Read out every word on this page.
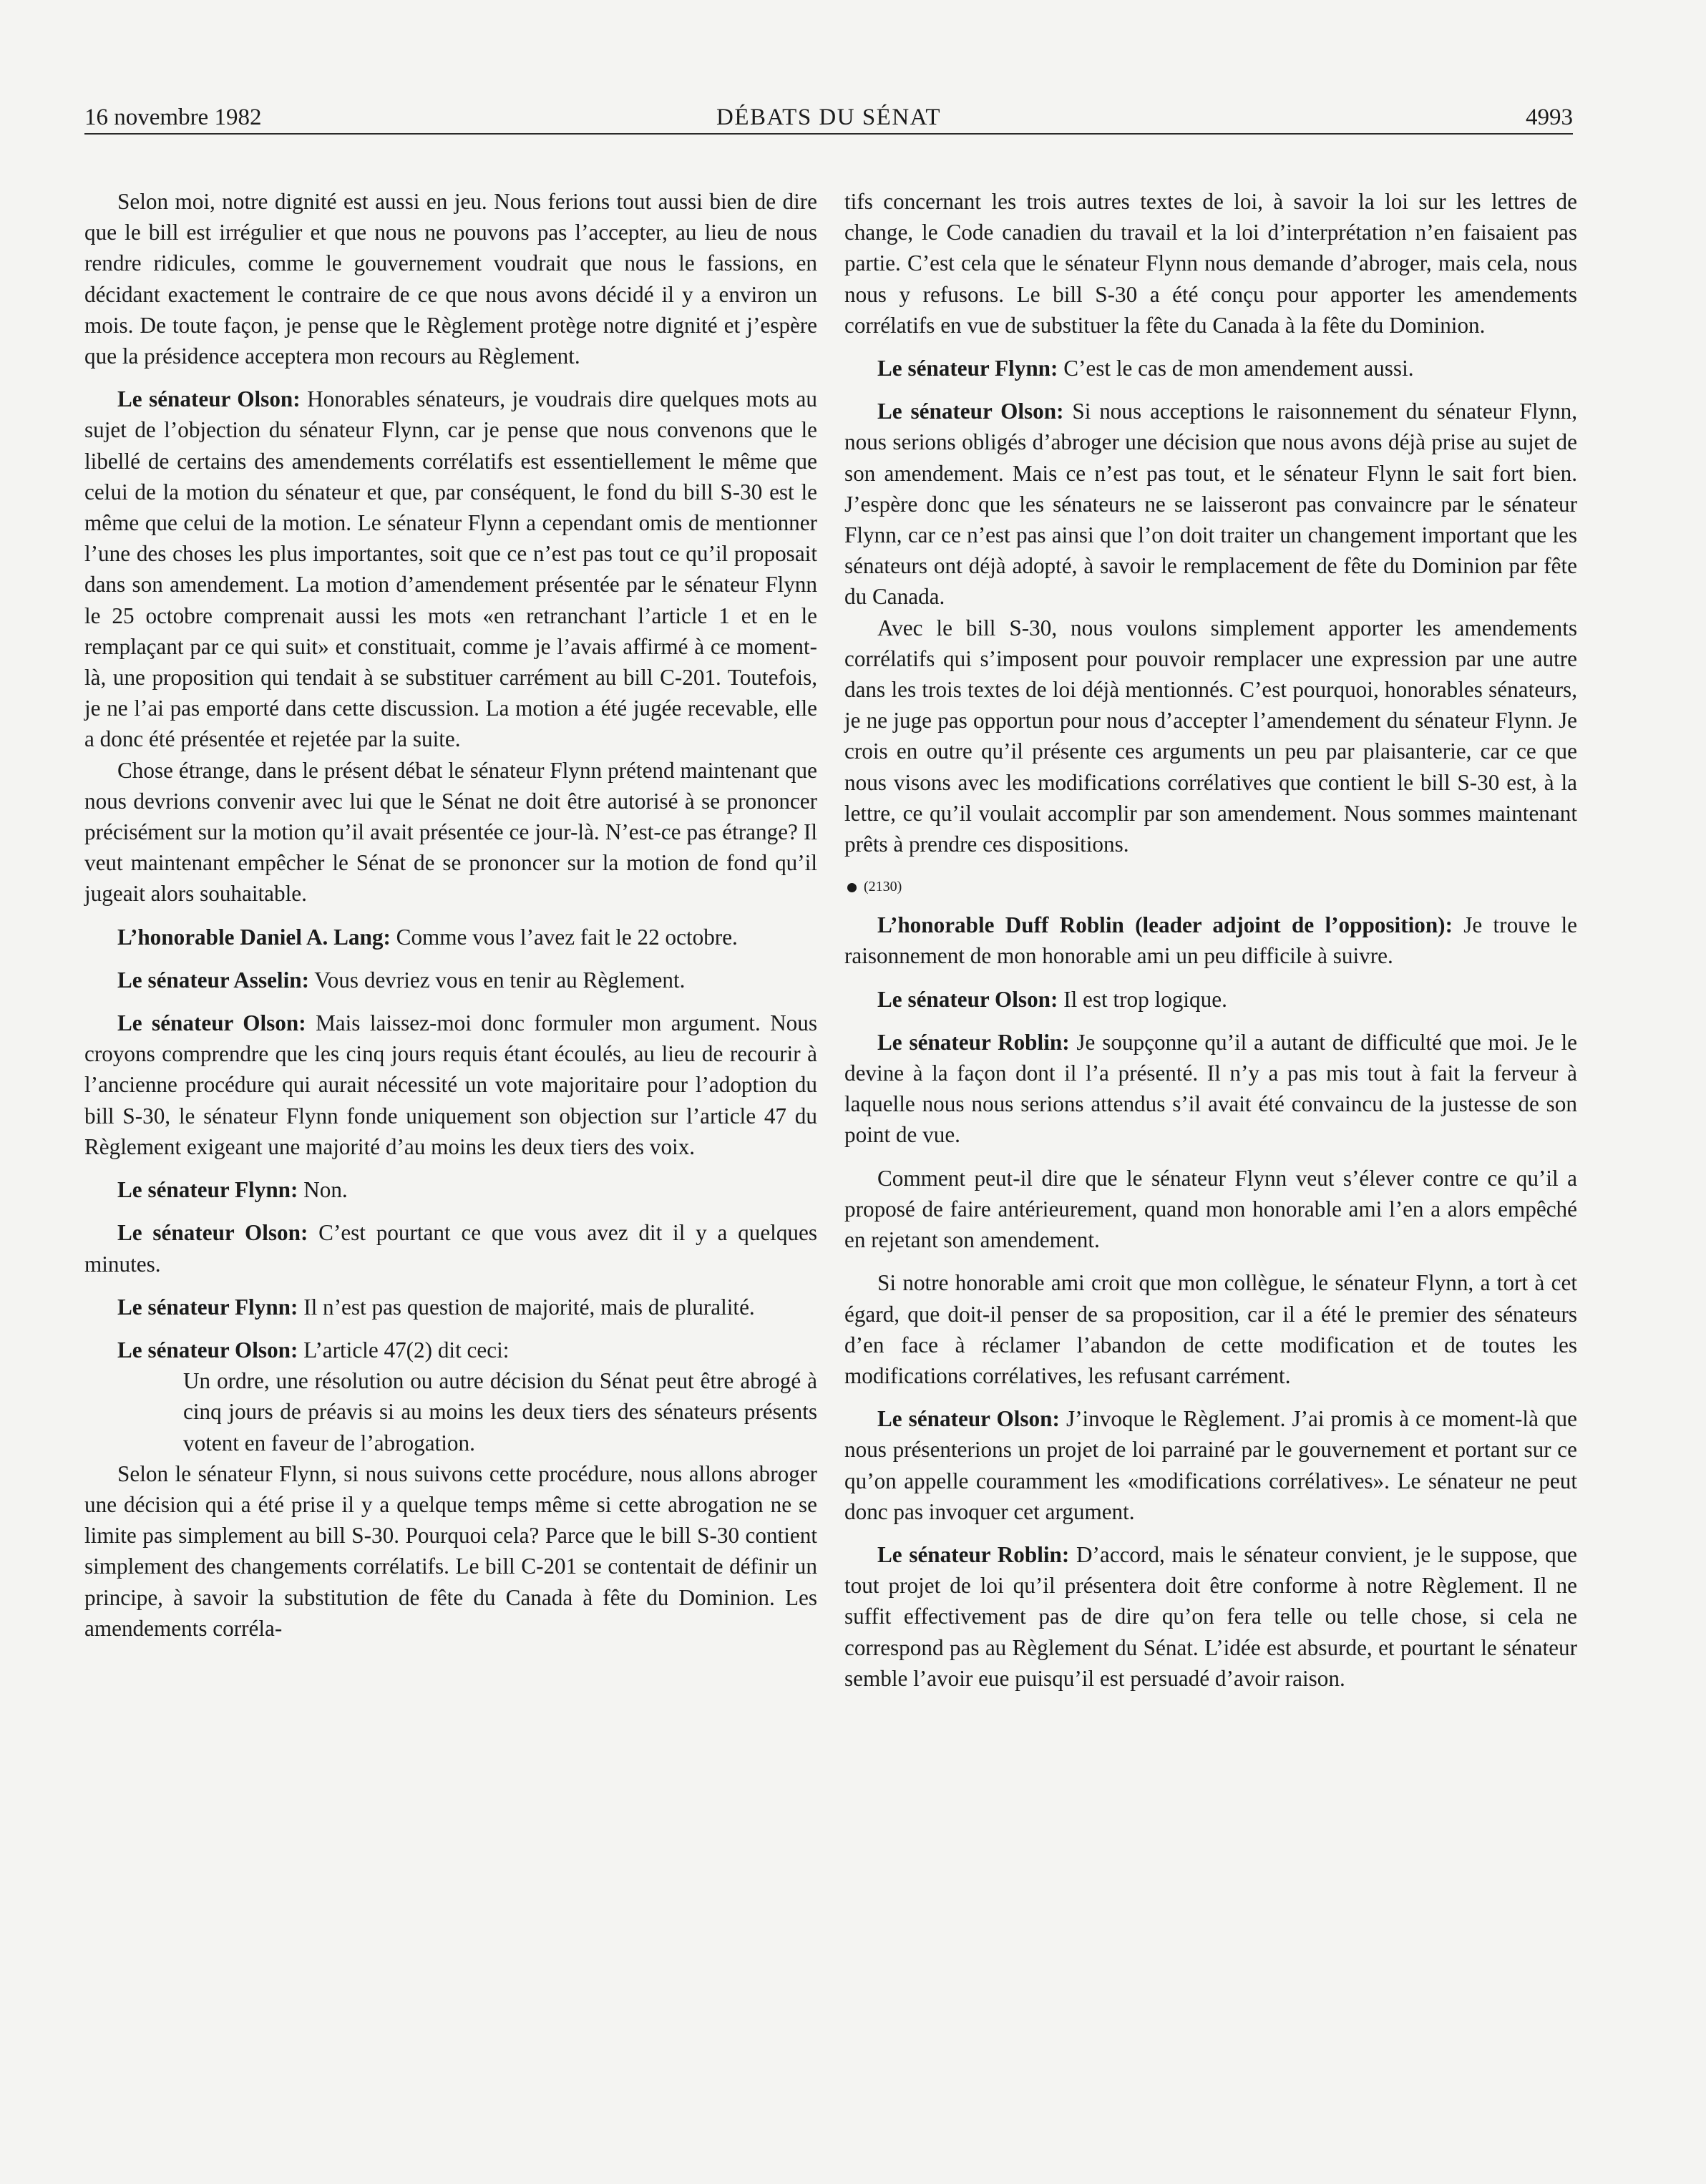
16 novembre 1982	DÉBATS DU SÉNAT	4993

Selon moi, notre dignité est aussi en jeu. Nous ferions tout aussi bien de dire que le bill est irrégulier et que nous ne pouvons pas l’accepter, au lieu de nous rendre ridicules, comme le gouvernement voudrait que nous le fassions, en décidant exactement le contraire de ce que nous avons décidé il y a environ un mois. De toute façon, je pense que le Règlement protège notre dignité et j’espère que la présidence acceptera mon recours au Règlement.

Le sénateur Olson: Honorables sénateurs, je voudrais dire quelques mots au sujet de l’objection du sénateur Flynn, car je pense que nous convenons que le libellé de certains des amendements corrélatifs est essentiellement le même que celui de la motion du sénateur et que, par conséquent, le fond du bill S-30 est le même que celui de la motion. Le sénateur Flynn a cependant omis de mentionner l’une des choses les plus importantes, soit que ce n’est pas tout ce qu’il proposait dans son amendement. La motion d’amendement présentée par le sénateur Flynn le 25 octobre comprenait aussi les mots «en retranchant l’article 1 et en le remplaçant par ce qui suit» et constituait, comme je l’avais affirmé à ce moment-là, une proposition qui tendait à se substituer carrément au bill C-201. Toutefois, je ne l’ai pas emporté dans cette discussion. La motion a été jugée recevable, elle a donc été présentée et rejetée par la suite.

Chose étrange, dans le présent débat le sénateur Flynn prétend maintenant que nous devrions convenir avec lui que le Sénat ne doit être autorisé à se prononcer précisément sur la motion qu’il avait présentée ce jour-là. N’est-ce pas étrange? Il veut maintenant empêcher le Sénat de se prononcer sur la motion de fond qu’il jugeait alors souhaitable.

L’honorable Daniel A. Lang: Comme vous l’avez fait le 22 octobre.

Le sénateur Asselin: Vous devriez vous en tenir au Règlement.

Le sénateur Olson: Mais laissez-moi donc formuler mon argument. Nous croyons comprendre que les cinq jours requis étant écoulés, au lieu de recourir à l’ancienne procédure qui aurait nécessité un vote majoritaire pour l’adoption du bill S-30, le sénateur Flynn fonde uniquement son objection sur l’article 47 du Règlement exigeant une majorité d’au moins les deux tiers des voix.

Le sénateur Flynn: Non.

Le sénateur Olson: C’est pourtant ce que vous avez dit il y a quelques minutes.

Le sénateur Flynn: Il n’est pas question de majorité, mais de pluralité.

Le sénateur Olson: L’article 47(2) dit ceci:

Un ordre, une résolution ou autre décision du Sénat peut être abrogé à cinq jours de préavis si au moins les deux tiers des sénateurs présents votent en faveur de l’abrogation.

Selon le sénateur Flynn, si nous suivons cette procédure, nous allons abroger une décision qui a été prise il y a quelque temps même si cette abrogation ne se limite pas simplement au bill S-30. Pourquoi cela? Parce que le bill S-30 contient simplement des changements corrélatifs. Le bill C-201 se contentait de définir un principe, à savoir la substitution de fête du Canada à fête du Dominion. Les amendements corréla-

tifs concernant les trois autres textes de loi, à savoir la loi sur les lettres de change, le Code canadien du travail et la loi d’interprétation n’en faisaient pas partie. C’est cela que le sénateur Flynn nous demande d’abroger, mais cela, nous nous y refusons. Le bill S-30 a été conçu pour apporter les amendements corrélatifs en vue de substituer la fête du Canada à la fête du Dominion.

Le sénateur Flynn: C’est le cas de mon amendement aussi.

Le sénateur Olson: Si nous acceptions le raisonnement du sénateur Flynn, nous serions obligés d’abroger une décision que nous avons déjà prise au sujet de son amendement. Mais ce n’est pas tout, et le sénateur Flynn le sait fort bien. J’espère donc que les sénateurs ne se laisseront pas convaincre par le sénateur Flynn, car ce n’est pas ainsi que l’on doit traiter un changement important que les sénateurs ont déjà adopté, à savoir le remplacement de fête du Dominion par fête du Canada.

Avec le bill S-30, nous voulons simplement apporter les amendements corrélatifs qui s’imposent pour pouvoir remplacer une expression par une autre dans les trois textes de loi déjà mentionnés. C’est pourquoi, honorables sénateurs, je ne juge pas opportun pour nous d’accepter l’amendement du sénateur Flynn. Je crois en outre qu’il présente ces arguments un peu par plaisanterie, car ce que nous visons avec les modifications corrélatives que contient le bill S-30 est, à la lettre, ce qu’il voulait accomplir par son amendement. Nous sommes maintenant prêts à prendre ces dispositions.

(2130)

L’honorable Duff Roblin (leader adjoint de l’opposition): Je trouve le raisonnement de mon honorable ami un peu difficile à suivre.

Le sénateur Olson: Il est trop logique.

Le sénateur Roblin: Je soupçonne qu’il a autant de difficulté que moi. Je le devine à la façon dont il l’a présenté. Il n’y a pas mis tout à fait la ferveur à laquelle nous nous serions attendus s’il avait été convaincu de la justesse de son point de vue.

Comment peut-il dire que le sénateur Flynn veut s’élever contre ce qu’il a proposé de faire antérieurement, quand mon honorable ami l’en a alors empêché en rejetant son amendement.

Si notre honorable ami croit que mon collègue, le sénateur Flynn, a tort à cet égard, que doit-il penser de sa proposition, car il a été le premier des sénateurs d’en face à réclamer l’abandon de cette modification et de toutes les modifications corrélatives, les refusant carrément.

Le sénateur Olson: J’invoque le Règlement. J’ai promis à ce moment-là que nous présenterions un projet de loi parrainé par le gouvernement et portant sur ce qu’on appelle couramment les «modifications corrélatives». Le sénateur ne peut donc pas invoquer cet argument.

Le sénateur Roblin: D’accord, mais le sénateur convient, je le suppose, que tout projet de loi qu’il présentera doit être conforme à notre Règlement. Il ne suffit effectivement pas de dire qu’on fera telle ou telle chose, si cela ne correspond pas au Règlement du Sénat. L’idée est absurde, et pourtant le sénateur semble l’avoir eue puisqu’il est persuadé d’avoir raison.
